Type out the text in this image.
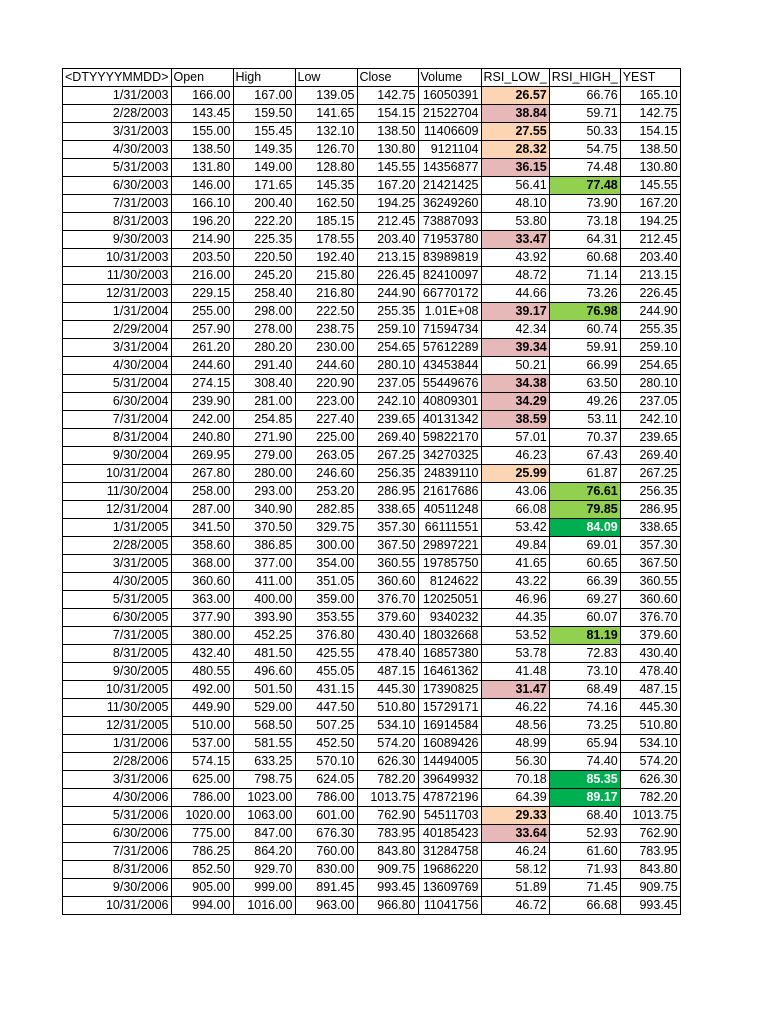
<DTYYYYMMDD>	Open	High	Low	Close	Volume	RSI_LOW_	RSI_HIGH_	YEST
1/31/2003	166.00	167.00	139.05	142.75	16050391	26.57	66.76	165.10
2/28/2003	143.45	159.50	141.65	154.15	21522704	38.84	59.71	142.75
3/31/2003	155.00	155.45	132.10	138.50	11406609	27.55	50.33	154.15
4/30/2003	138.50	149.35	126.70	130.80	9121104	28.32	54.75	138.50
5/31/2003	131.80	149.00	128.80	145.55	14356877	36.15	74.48	130.80
6/30/2003	146.00	171.65	145.35	167.20	21421425	56.41	77.48	145.55
7/31/2003	166.10	200.40	162.50	194.25	36249260	48.10	73.90	167.20
8/31/2003	196.20	222.20	185.15	212.45	73887093	53.80	73.18	194.25
9/30/2003	214.90	225.35	178.55	203.40	71953780	33.47	64.31	212.45
10/31/2003	203.50	220.50	192.40	213.15	83989819	43.92	60.68	203.40
11/30/2003	216.00	245.20	215.80	226.45	82410097	48.72	71.14	213.15
12/31/2003	229.15	258.40	216.80	244.90	66770172	44.66	73.26	226.45
1/31/2004	255.00	298.00	222.50	255.35	1.01E+08	39.17	76.98	244.90
2/29/2004	257.90	278.00	238.75	259.10	71594734	42.34	60.74	255.35
3/31/2004	261.20	280.20	230.00	254.65	57612289	39.34	59.91	259.10
4/30/2004	244.60	291.40	244.60	280.10	43453844	50.21	66.99	254.65
5/31/2004	274.15	308.40	220.90	237.05	55449676	34.38	63.50	280.10
6/30/2004	239.90	281.00	223.00	242.10	40809301	34.29	49.26	237.05
7/31/2004	242.00	254.85	227.40	239.65	40131342	38.59	53.11	242.10
8/31/2004	240.80	271.90	225.00	269.40	59822170	57.01	70.37	239.65
9/30/2004	269.95	279.00	263.05	267.25	34270325	46.23	67.43	269.40
10/31/2004	267.80	280.00	246.60	256.35	24839110	25.99	61.87	267.25
11/30/2004	258.00	293.00	253.20	286.95	21617686	43.06	76.61	256.35
12/31/2004	287.00	340.90	282.85	338.65	40511248	66.08	79.85	286.95
1/31/2005	341.50	370.50	329.75	357.30	66111551	53.42	84.09	338.65
2/28/2005	358.60	386.85	300.00	367.50	29897221	49.84	69.01	357.30
3/31/2005	368.00	377.00	354.00	360.55	19785750	41.65	60.65	367.50
4/30/2005	360.60	411.00	351.05	360.60	8124622	43.22	66.39	360.55
5/31/2005	363.00	400.00	359.00	376.70	12025051	46.96	69.27	360.60
6/30/2005	377.90	393.90	353.55	379.60	9340232	44.35	60.07	376.70
7/31/2005	380.00	452.25	376.80	430.40	18032668	53.52	81.19	379.60
8/31/2005	432.40	481.50	425.55	478.40	16857380	53.78	72.83	430.40
9/30/2005	480.55	496.60	455.05	487.15	16461362	41.48	73.10	478.40
10/31/2005	492.00	501.50	431.15	445.30	17390825	31.47	68.49	487.15
11/30/2005	449.90	529.00	447.50	510.80	15729171	46.22	74.16	445.30
12/31/2005	510.00	568.50	507.25	534.10	16914584	48.56	73.25	510.80
1/31/2006	537.00	581.55	452.50	574.20	16089426	48.99	65.94	534.10
2/28/2006	574.15	633.25	570.10	626.30	14494005	56.30	74.40	574.20
3/31/2006	625.00	798.75	624.05	782.20	39649932	70.18	85.35	626.30
4/30/2006	786.00	1023.00	786.00	1013.75	47872196	64.39	89.17	782.20
5/31/2006	1020.00	1063.00	601.00	762.90	54511703	29.33	68.40	1013.75
6/30/2006	775.00	847.00	676.30	783.95	40185423	33.64	52.93	762.90
7/31/2006	786.25	864.20	760.00	843.80	31284758	46.24	61.60	783.95
8/31/2006	852.50	929.70	830.00	909.75	19686220	58.12	71.93	843.80
9/30/2006	905.00	999.00	891.45	993.45	13609769	51.89	71.45	909.75
10/31/2006	994.00	1016.00	963.00	966.80	11041756	46.72	66.68	993.45
